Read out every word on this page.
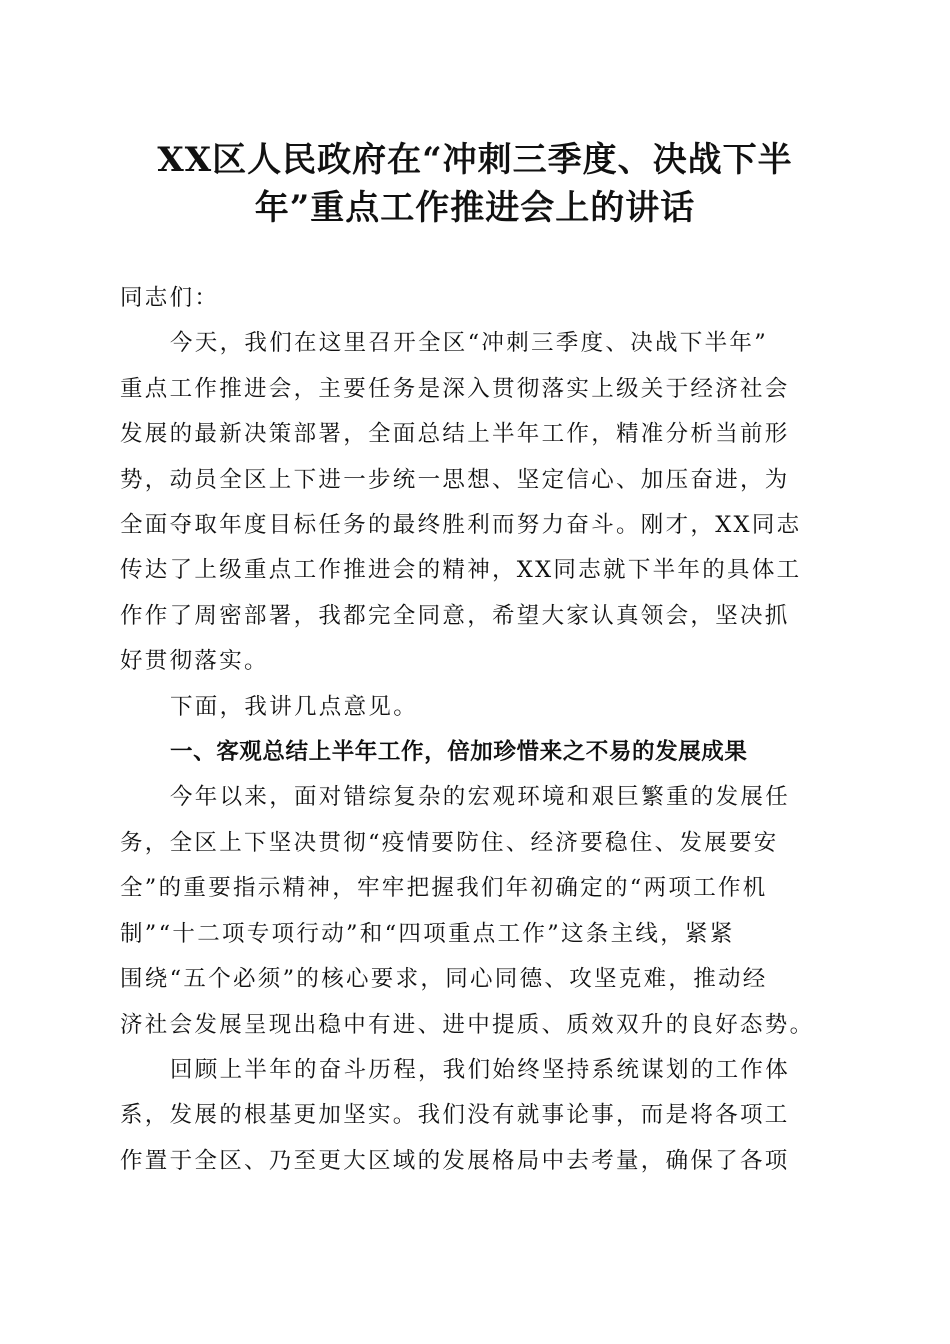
XX区人民政府在“冲刺三季度、决战下半
年”重点工作推进会上的讲话

同志们：

今天，我们在这里召开全区“冲刺三季度、决战下半年”
重点工作推进会，主要任务是深入贯彻落实上级关于经济社会
发展的最新决策部署，全面总结上半年工作，精准分析当前形
势，动员全区上下进一步统一思想、坚定信心、加压奋进，为
全面夺取年度目标任务的最终胜利而努力奋斗。刚才，XX同志
传达了上级重点工作推进会的精神，XX同志就下半年的具体工
作作了周密部署，我都完全同意，希望大家认真领会，坚决抓
好贯彻落实。

下面，我讲几点意见。

一、客观总结上半年工作，倍加珍惜来之不易的发展成果

今年以来，面对错综复杂的宏观环境和艰巨繁重的发展任
务，全区上下坚决贯彻“疫情要防住、经济要稳住、发展要安
全”的重要指示精神，牢牢把握我们年初确定的“两项工作机
制”“十二项专项行动”和“四项重点工作”这条主线，紧紧
围绕“五个必须”的核心要求，同心同德、攻坚克难，推动经
济社会发展呈现出稳中有进、进中提质、质效双升的良好态势。

回顾上半年的奋斗历程，我们始终坚持系统谋划的工作体
系，发展的根基更加坚实。我们没有就事论事，而是将各项工
作置于全区、乃至更大区域的发展格局中去考量，确保了各项
